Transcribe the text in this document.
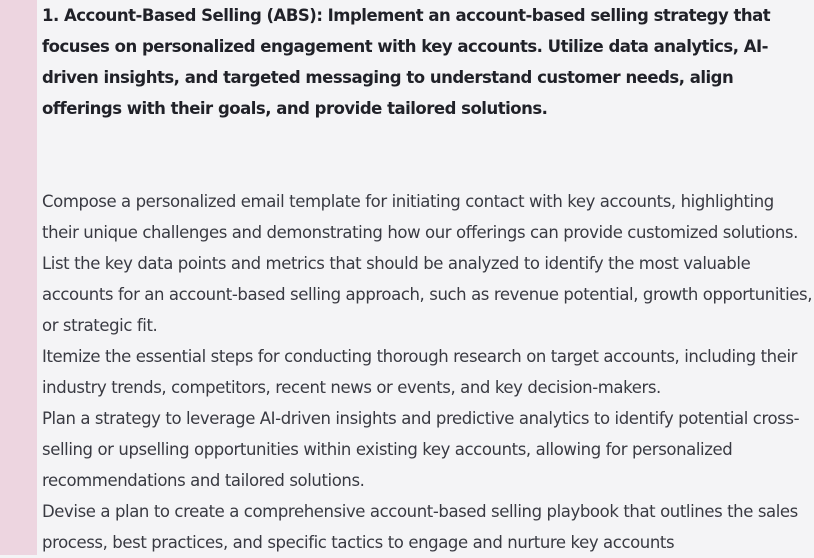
1. Account-Based Selling (ABS): Implement an account-based selling strategy that focuses on personalized engagement with key accounts. Utilize data analytics, AI-driven insights, and targeted messaging to understand customer needs, align offerings with their goals, and provide tailored solutions.

Compose a personalized email template for initiating contact with key accounts, highlighting their unique challenges and demonstrating how our offerings can provide customized solutions.

List the key data points and metrics that should be analyzed to identify the most valuable accounts for an account-based selling approach, such as revenue potential, growth opportunities, or strategic fit.

Itemize the essential steps for conducting thorough research on target accounts, including their industry trends, competitors, recent news or events, and key decision-makers.

Plan a strategy to leverage AI-driven insights and predictive analytics to identify potential cross-selling or upselling opportunities within existing key accounts, allowing for personalized recommendations and tailored solutions.

Devise a plan to create a comprehensive account-based selling playbook that outlines the sales process, best practices, and specific tactics to engage and nurture key accounts
